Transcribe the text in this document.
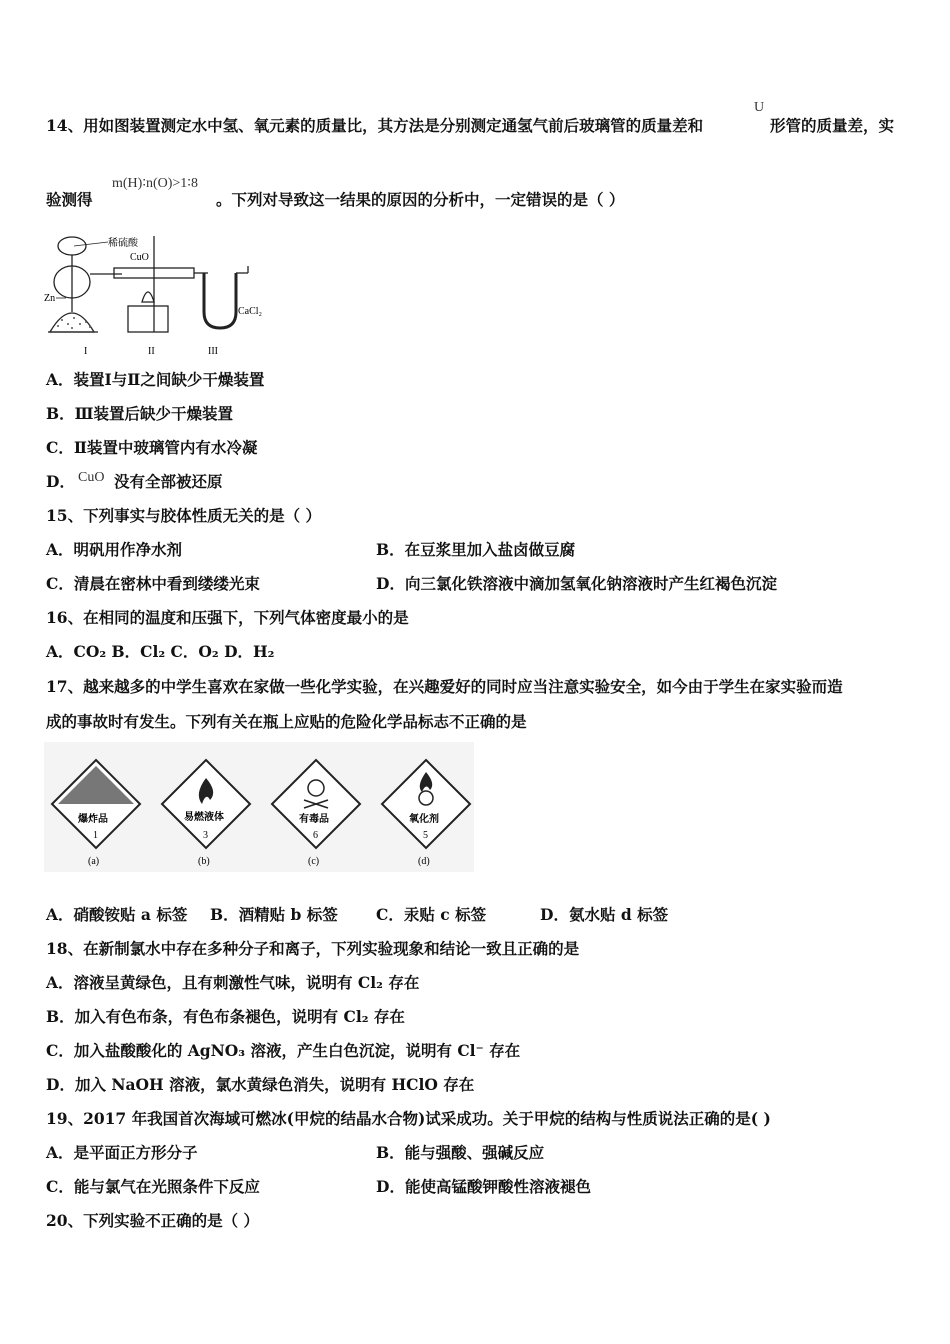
14、用如图装置测定水中氢、氧元素的质量比，其方法是分别测定通氢气前后玻璃管的质量差和
U
形管的质量差，实
验测得
m(H)∶n(O)>1∶8
。下列对导致这一结果的原因的分析中，一定错误的是（ ）
稀硫酸
Zn
CuO
CaCl₂
I	II	III
A．装置Ⅰ与Ⅱ之间缺少干燥装置
B．Ⅲ装置后缺少干燥装置
C．Ⅱ装置中玻璃管内有水冷凝
D． CuO 没有全部被还原
15、下列事实与胶体性质无关的是（ ）
A．明矾用作净水剂	B．在豆浆里加入盐卤做豆腐
C．清晨在密林中看到缕缕光束	D．向三氯化铁溶液中滴加氢氧化钠溶液时产生红褐色沉淀
16、在相同的温度和压强下，下列气体密度最小的是
A．CO₂ B．Cl₂ C．O₂ D．H₂
17、越来越多的中学生喜欢在家做一些化学实验，在兴趣爱好的同时应当注意实验安全，如今由于学生在家实验而造
成的事故时有发生。下列有关在瓶上应贴的危险化学品标志不正确的是
爆炸品
1
(a)
易燃液体
3
(b)
有毒品
6
(c)
氧化剂
5
(d)
A．硝酸铵贴 a 标签 B．酒精贴 b 标签 C．汞贴 c 标签	D．氨水贴 d 标签
18、在新制氯水中存在多种分子和离子，下列实验现象和结论一致且正确的是
A．溶液呈黄绿色，且有刺激性气味，说明有 Cl₂ 存在
B．加入有色布条，有色布条褪色，说明有 Cl₂ 存在
C．加入盐酸酸化的 AgNO₃ 溶液，产生白色沉淀，说明有 Cl⁻ 存在
D．加入 NaOH 溶液，氯水黄绿色消失，说明有 HClO 存在
19、2017 年我国首次海域可燃冰(甲烷的结晶水合物)试采成功。关于甲烷的结构与性质说法正确的是( )
A．是平面正方形分子	B．能与强酸、强碱反应
C．能与氯气在光照条件下反应	D．能使高锰酸钾酸性溶液褪色
20、下列实验不正确的是（ ）
